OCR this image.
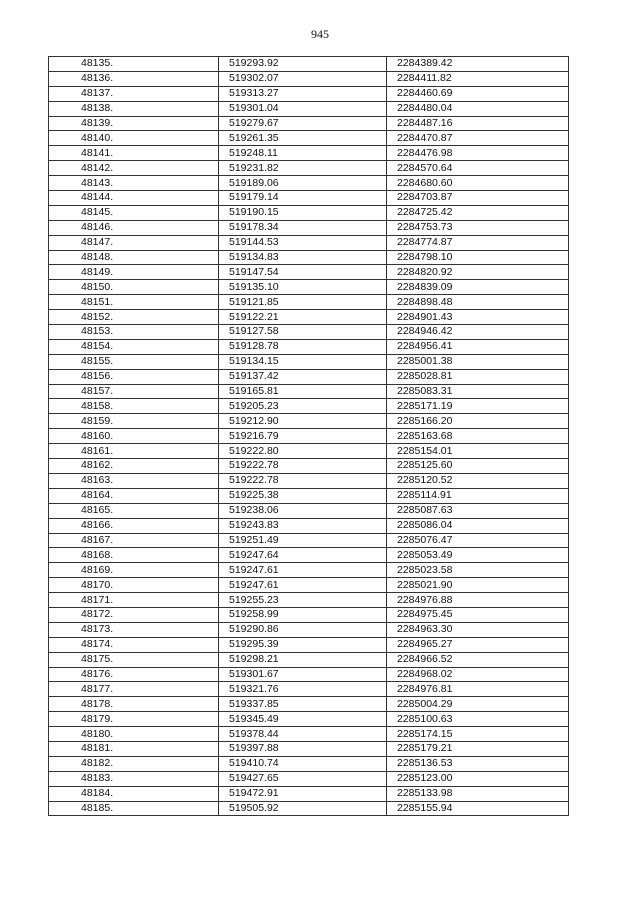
945
48135.	519293.92	2284389.42
48136.	519302.07	2284411.82
48137.	519313.27	2284460.69
48138.	519301.04	2284480.04
48139.	519279.67	2284487.16
48140.	519261.35	2284470.87
48141.	519248.11	2284476.98
48142.	519231.82	2284570.64
48143.	519189.06	2284680.60
48144.	519179.14	2284703.87
48145.	519190.15	2284725.42
48146.	519178.34	2284753.73
48147.	519144.53	2284774.87
48148.	519134.83	2284798.10
48149.	519147.54	2284820.92
48150.	519135.10	2284839.09
48151.	519121.85	2284898.48
48152.	519122.21	2284901.43
48153.	519127.58	2284946.42
48154.	519128.78	2284956.41
48155.	519134.15	2285001.38
48156.	519137.42	2285028.81
48157.	519165.81	2285083.31
48158.	519205.23	2285171.19
48159.	519212.90	2285166.20
48160.	519216.79	2285163.68
48161.	519222.80	2285154.01
48162.	519222.78	2285125.60
48163.	519222.78	2285120.52
48164.	519225.38	2285114.91
48165.	519238.06	2285087.63
48166.	519243.83	2285086.04
48167.	519251.49	2285076.47
48168.	519247.64	2285053.49
48169.	519247.61	2285023.58
48170.	519247.61	2285021.90
48171.	519255.23	2284976.88
48172.	519258.99	2284975.45
48173.	519290.86	2284963.30
48174.	519295.39	2284965.27
48175.	519298.21	2284966.52
48176.	519301.67	2284968.02
48177.	519321.76	2284976.81
48178.	519337.85	2285004.29
48179.	519345.49	2285100.63
48180.	519378.44	2285174.15
48181.	519397.88	2285179.21
48182.	519410.74	2285136.53
48183.	519427.65	2285123.00
48184.	519472.91	2285133.98
48185.	519505.92	2285155.94
